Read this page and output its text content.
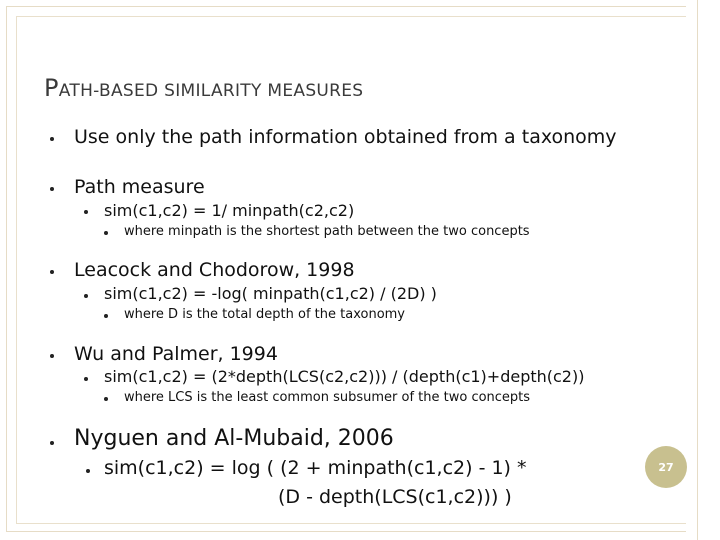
PATH-BASED SIMILARITY MEASURES
Use only the path information obtained from a taxonomy
Path measure
sim(c1,c2) = 1/ minpath(c2,c2)
where minpath is the shortest path between the two concepts
Leacock and Chodorow, 1998
sim(c1,c2) = -log( minpath(c1,c2) / (2D) )
where D is the total depth of the taxonomy
Wu and Palmer, 1994
sim(c1,c2) = (2*depth(LCS(c2,c2))) / (depth(c1)+depth(c2))
where LCS is the least common subsumer of the two concepts
Nyguen and Al-Mubaid, 2006
sim(c1,c2) = log ( (2 + minpath(c1,c2) - 1) *
(D - depth(LCS(c1,c2))) )
27
